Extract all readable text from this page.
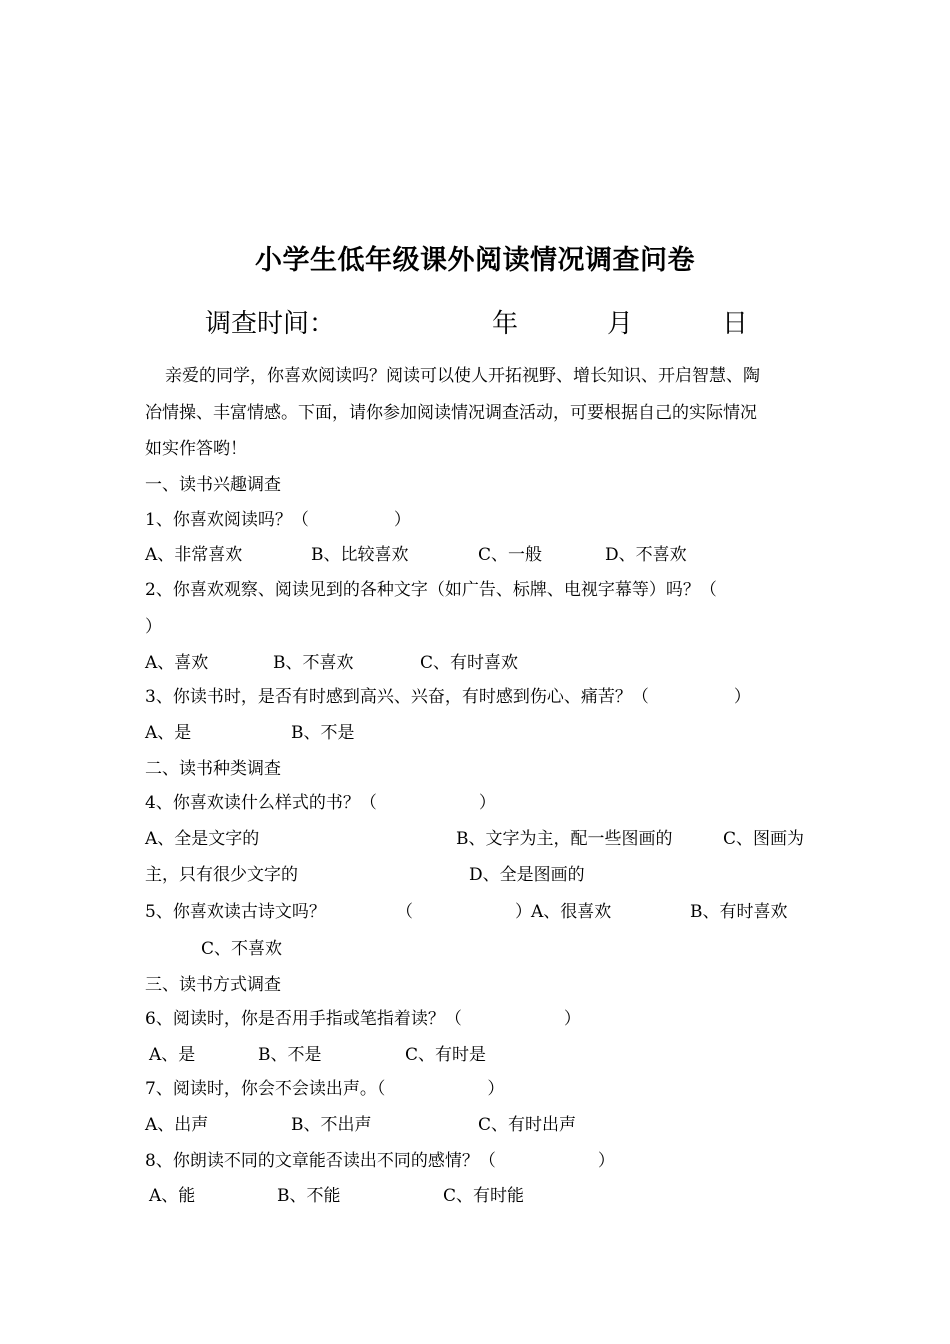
小学生低年级课外阅读情况调查问卷
调查时间：	年	月	日
亲爱的同学，你喜欢阅读吗？阅读可以使人开拓视野、增长知识、开启智慧、陶
冶情操、丰富情感。下面，请你参加阅读情况调查活动，可要根据自己的实际情况
如实作答哟！
一、读书兴趣调查
1、你喜欢阅读吗？（　　　　　）
A、非常喜欢	B、比较喜欢	C、一般	D、不喜欢
2、你喜欢观察、阅读见到的各种文字（如广告、标牌、电视字幕等）吗？（
）
A、喜欢	B、不喜欢	C、有时喜欢
3、你读书时，是否有时感到高兴、兴奋，有时感到伤心、痛苦？（　　　　　）
A、是	B、不是
二、读书种类调查
4、你喜欢读什么样式的书？（　　　　　　）
A、全是文字的	B、文字为主，配一些图画的	C、图画为
主，只有很少文字的	D、全是图画的
5、你喜欢读古诗文吗？	（　　　　　　） A、很喜欢	B、有时喜欢
C、不喜欢
三、读书方式调查
6、阅读时，你是否用手指或笔指着读？（　　　　　　）
A、是	B、不是	C、有时是
7、阅读时，你会不会读出声。（　　　　　　）
A、出声	B、不出声	C、有时出声
8、你朗读不同的文章能否读出不同的感情？（　　　　　　）
A、能	B、不能	C、有时能
